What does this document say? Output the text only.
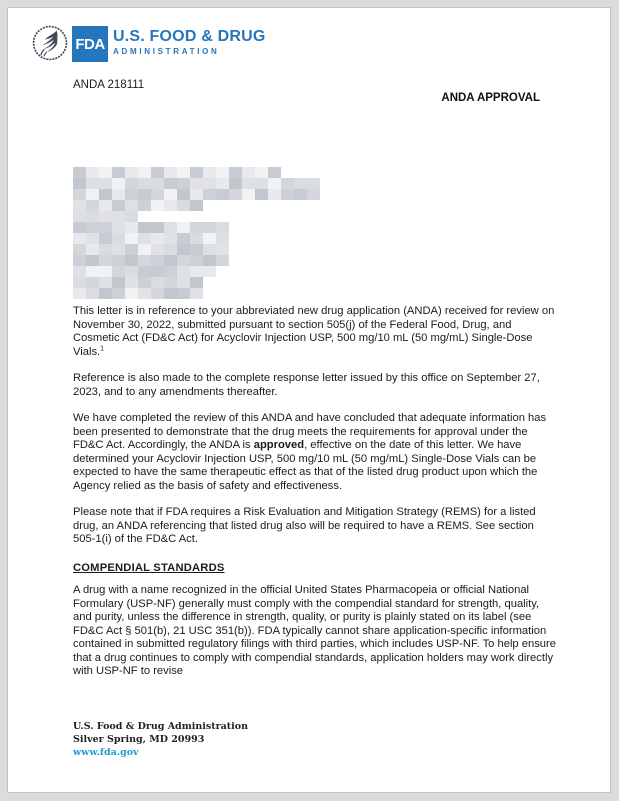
FDA U.S. FOOD & DRUG
ADMINISTRATION
ANDA 218111
ANDA APPROVAL

This letter is in reference to your abbreviated new drug application (ANDA) received for review on November 30, 2022, submitted pursuant to section 505(j) of the Federal Food, Drug, and Cosmetic Act (FD&C Act) for Acyclovir Injection USP, 500 mg/10 mL (50 mg/mL) Single-Dose Vials.$^1$

Reference is also made to the complete response letter issued by this office on September 27, 2023, and to any amendments thereafter.

We have completed the review of this ANDA and have concluded that adequate information has been presented to demonstrate that the drug meets the requirements for approval under the FD&C Act. Accordingly, the ANDA is approved, effective on the date of this letter. We have determined your Acyclovir Injection USP, 500 mg/10 mL (50 mg/mL) Single-Dose Vials can be expected to have the same therapeutic effect as that of the listed drug product upon which the Agency relied as the basis of safety and effectiveness.

Please note that if FDA requires a Risk Evaluation and Mitigation Strategy (REMS) for a listed drug, an ANDA referencing that listed drug also will be required to have a REMS. See section 505-1(i) of the FD&C Act.

COMPENDIAL STANDARDS

A drug with a name recognized in the official United States Pharmacopeia or official National Formulary (USP-NF) generally must comply with the compendial standard for strength, quality, and purity, unless the difference in strength, quality, or purity is plainly stated on its label (see FD&C Act § 501(b), 21 USC 351(b)). FDA typically cannot share application-specific information contained in submitted regulatory filings with third parties, which includes USP-NF. To help ensure that a drug continues to comply with compendial standards, application holders may work directly with USP-NF to revise

U.S. Food & Drug Administration
Silver Spring, MD 20993
www.fda.gov
